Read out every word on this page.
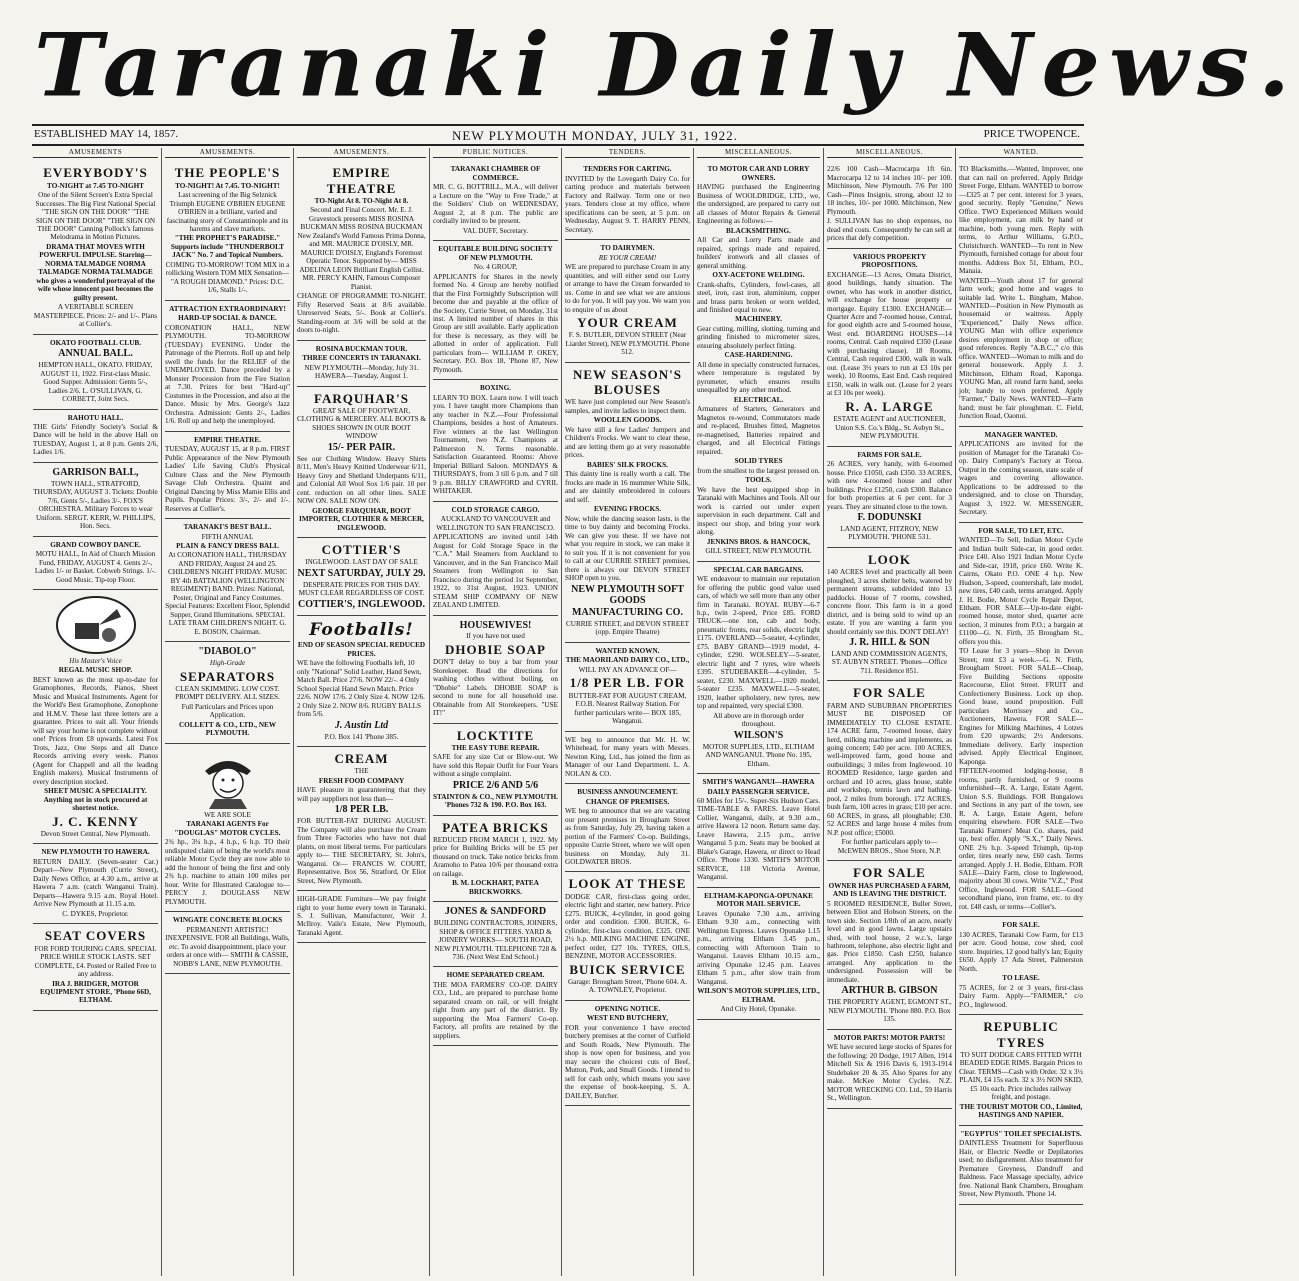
Taranaki Daily News.
ESTABLISHED MAY 14, 1857.	NEW PLYMOUTH MONDAY, JULY 31, 1922.	PRICE TWOPENCE.
AMUSEMENTS

EVERYBODY'S

TO-NIGHT at 7.45 TO-NIGHT

One of the Silent Screen's Extra Special Successes. The Big First National Special "THE SIGN ON THE DOOR" "THE SIGN ON THE DOOR" "THE SIGN ON THE DOOR" Canning Pollock's famous Melodrama in Motion Pictures.

DRAMA THAT MOVES WITH POWERFUL IMPULSE. Starring— NORMA TALMADGE NORMA TALMADGE NORMA TALMADGE who gives a wonderful portrayal of the wife whose innocent past becomes the guilty present.

A VERITABLE SCREEN MASTERPIECE. Prices: 2/- and 1/-. Plans at Collier's.

OKATO FOOTBALL CLUB.

ANNUAL BALL.

HEMPTON HALL, OKATO. FRIDAY, AUGUST 11, 1922. First-class Music. Good Supper. Admission: Gents 5/-, Ladies 2/6. L. O'SULLIVAN, G. CORBETT, Joint Secs.

RAHOTU HALL.

THE Girls' Friendly Society's Social & Dance will be held in the above Hall on TUESDAY, August 1, at 8 p.m. Gents 2/6, Ladies 1/6.

GARRISON BALL,

TOWN HALL, STRATFORD, THURSDAY, AUGUST 3. Tickets: Double 7/6, Gents 5/-, Ladies 3/-. FOX'S ORCHESTRA. Military Forces to wear Uniform. SERGT. KERR, W. PHILLIPS, Hon. Secs.

GRAND COWBOY DANCE.

MOTU HALL, In Aid of Church Mission Fund, FRIDAY, AUGUST 4. Gents 2/-, Ladies 1/- or Basket. Cobweb Strings. 1/-. Good Music. Tip-top Floor.

His Master's Voice

REGAL MUSIC SHOP.

BEST known as the most up-to-date for Gramophones, Records, Pianos, Sheet Music and Musical Instruments. Agent for the World's Best Gramophone, Zonophone and H.M.V. These last three letters are a guarantee. Prices to suit all. Your friends will say your home is not complete without one! Prices from £8 upwards. Latest Fox Trots, Jazz, One Steps and all Dance Records arriving every week. Pianos (Agent for Chappell and all the leading English makers). Musical Instruments of every description stocked.

SHEET MUSIC A SPECIALITY. Anything not in stock procured at shortest notice.

J. C. KENNY

Devon Street Central, New Plymouth.

NEW PLYMOUTH TO HAWERA.

RETURN DAILY. (Seven-seater Car.) Depart—New Plymouth (Currie Street), Daily News Office, at 4.30 a.m., arrive at Hawera 7 a.m. (catch Wanganui Train). Departs—Hawera 9.15 a.m. Royal Hotel. Arrive New Plymouth at 11.15 a.m.

C. DYKES, Proprietor.

SEAT COVERS

FOR FORD TOURING CARS. SPECIAL PRICE WHILE STOCK LASTS. SET COMPLETE, £4. Posted or Railed Free to any address.

IRA J. BRIDGER, MOTOR EQUIPMENT STORE, 'Phone 66D, ELTHAM.

AMUSEMENTS.

THE PEOPLE'S

TO-NIGHT! At 7.45. TO-NIGHT!

Last screening of the Big Selznick Triumph EUGENE O'BRIEN EUGENE O'BRIEN in a brilliant, varied and fascinating story of Constantinople and its harems and slave markets.

"THE PROPHET'S PARADISE." Supports include "THUNDERBOLT JACK" No. 7 and Topical Numbers.

COMING TO-MORROW! TOM MIX in a rollicking Western TOM MIX Sensation— "A ROUGH DIAMOND." Prices: D.C. 1/6, Stalls 1/-.

ATTRACTION EXTRAORDINARY!

HARD-UP SOCIAL & DANCE.

CORONATION HALL, NEW PLYMOUTH. TO-MORROW (TUESDAY) EVENING. Under the Patronage of the Pierrots. Roll up and help swell the funds for the RELIEF of the UNEMPLOYED. Dance preceded by a Monster Procession from the Fire Station at 7.30. Prizes for best "Hard-up" Costumes in the Procession, and also at the Dance. Music by Mrs. George's Jazz Orchestra. Admission: Gents 2/-, Ladies 1/6. Roll up and help the unemployed.

EMPIRE THEATRE.

TUESDAY, AUGUST 15, at 8 p.m. FIRST Public Appearance of the New Plymouth Ladies' Life Saving Club's Physical Culture Class and the New Plymouth Savage Club Orchestra. Quaint and Original Dancing by Miss Mamie Ellis and Pupils. Popular Prices: 3/-, 2/- and 1/-. Reserves at Collier's.

TARANAKI'S BEST BALL.

FIFTH ANNUAL

PLAIN & FANCY DRESS BALL

At CORONATION HALL, THURSDAY AND FRIDAY, August 24 and 25. CHILDREN'S NIGHT FRIDAY. MUSIC BY 4th BATTALION (WELLINGTON REGIMENT) BAND. Prizes: National, Poster, Original and Fancy Costumes. Special Features: Excellent Floor, Splendid Supper, Grand Illuminations. SPECIAL LATE TRAM CHILDREN'S NIGHT. G. E. BOSON, Chairman.

"DIABOLO"

High-Grade

SEPARATORS

CLEAN SKIMMING. LOW COST. PROMPT DELIVERY. ALL SIZES.

Full Particulars and Prices upon Application.

COLLETT & CO., LTD., NEW PLYMOUTH.

WE ARE SOLE

TARANAKI AGENTS For "DOUGLAS" MOTOR CYCLES.

2¾ hp., 3¼ h.p., 4 h.p., 6 h.p. TO their undisputed claim of being the world's most reliable Motor Cycle they are now able to add the honour of being the first and only 2¾ h.p. machine to attain 100 miles per hour. Write for Illustrated Catalogue to— PERCY J. DOUGLASS NEW PLYMOUTH.

WINGATE CONCRETE BLOCKS

PERMANENT! ARTISTIC! INEXPENSIVE. FOR all Buildings, Walls, etc. To avoid disappointment, place your orders at once with— SMITH & CASSIE, NOBB'S LANE, NEW PLYMOUTH.

AMUSEMENTS.

EMPIRE THEATRE

TO-Night At 8. TO-Night At 8.

Second and Final Concert. Mr. E. J. Gravestock presents MISS ROSINA BUCKMAN MISS ROSINA BUCKMAN New Zealand's World Famous Prima Donna, and MR. MAURICE D'OISLY, MR. MAURICE D'OISLY, England's Foremost Operatic Tenor. Supported by— MISS ADELINA LEON Brilliant English Cellist. MR. PERCY KAHN, Famous Composer Pianist.

CHANGE OF PROGRAMME TO-NIGHT. Fifty Reserved Seats at 8/6 available. Unreserved Seats, 5/-. Book at Collier's. Standing-room at 3/6 will be sold at the doors to-night.

ROSINA BUCKMAN TOUR.

THREE CONCERTS IN TARANAKI.

NEW PLYMOUTH—Monday, July 31. HAWERA—Tuesday, August 1.

FARQUHAR'S

GREAT SALE OF FOOTWEAR, CLOTHING & MERCERY. ALL BOOTS & SHOES SHOWN IN OUR BOOT WINDOW

15/- PER PAIR.

See our Clothing Window. Heavy Shirts 8/11, Men's Heavy Knitted Underwear 6/11, Heavy Grey and Shetland Underpants 6/11, and Colonial All Wool Sox 1/6 pair. 10 per cent. reduction on all other lines. SALE NOW ON. SALE NOW ON.

GEORGE FARQUHAR, BOOT IMPORTER, CLOTHIER & MERCER, INGLEWOOD.

COTTIER'S

INGLEWOOD. LAST DAY OF SALE

NEXT SATURDAY, JULY 29.

DESPERATE PRICES FOR THIS DAY. MUST CLEAR REGARDLESS OF COST.

COTTIER'S, INGLEWOOD.

Footballs!

END OF SEASON SPECIAL REDUCED PRICES.

WE have the following Footballs left, 10 only "National" Solid Leather, Hand Sewn, Match Ball. Price 27/6. NOW 22/-. 4 Only School Special Hand Sewn Match. Price 22/6. NOW 17/6. 2 Only Size 4. NOW 12/6. 2 Only Size 2. NOW 8/6. RUGBY BALLS from 5/6.

J. Austin Ltd

P.O. Box 141 'Phone 385.

CREAM

THE

FRESH FOOD COMPANY

HAVE pleasure in guaranteeing that they will pay suppliers not less than—

1/8 PER LB.

FOR BUTTER-FAT DURING AUGUST. The Company will also purchase the Cream from Three Factories who have not dual plants, on most liberal terms. For particulars apply to— THE SECRETARY, St. John's, Wanganui. Or— FRANCIS W. COURT, Representative. Box 56, Stratford, Or Eliot Street, New Plymouth.

HIGH-GRADE Furniture—We pay freight right to your home every town in Taranaki. S. J. Sullivan, Manufacturer, Weir J. McIlroy. Vaile's Estate, New Plymouth, Taranaki Agent.

PUBLIC NOTICES.

TARANAKI CHAMBER OF COMMERCE.

MR. C. G. BOTTRILL, M.A., will deliver a Lecture on the "Way to Free Trade," at the Soldiers' Club on WEDNESDAY, August 2, at 8 p.m. The public are cordially invited to be present.

VAL DUFF, Secretary.

EQUITABLE BUILDING SOCIETY OF NEW PLYMOUTH.

No. 4 GROUP,

APPLICANTS for Shares in the newly formed No. 4 Group are hereby notified that the First Fortnightly Subscription will become due and payable at the office of the Society, Currie Street, on Monday, 31st inst. A limited number of shares in this Group are still available. Early application for these is necessary, as they will be allotted in order of application. Full particulars from— WILLIAM P. OKEY, Secretary. P.O. Box 18, 'Phone 87, New Plymouth.

BOXING.

LEARN TO BOX. Learn now. I will teach you. I have taught more Champions than any teacher in N.Z.—Four Professional Champions, besides a host of Amateurs. Five winners at the last Wellington Tournament, two N.Z. Champions at Palmerston N. Terms reasonable. Satisfaction Guaranteed. Rooms: Above Imperial Billiard Saloon. MONDAYS & THURSDAYS, from 3 till 6 p.m. and 7 till 9 p.m. BILLY CRAWFORD and CYRIL WHITAKER.

COLD STORAGE CARGO.

AUCKLAND TO VANCOUVER and WELLINGTON TO SAN FRANCISCO.

APPLICATIONS are invited until 14th August for Cold Storage Space in the "C.A." Mail Steamers from Auckland to Vancouver, and in the San Francisco Mail Steamers from Wellington to San Francisco during the period 1st September, 1922, to 31st August, 1923. UNION STEAM SHIP COMPANY OF NEW ZEALAND LIMITED.

HOUSEWIVES!

If you have not used

DHOBIE SOAP

DON'T delay to buy a bar from your Storekeeper. Read the directions for washing clothes without boiling, on "Dhobie" Labels. DHOBIE SOAP is second to none for all household use. Obtainable from All Storekeepers. "USE IT!"

LOCKTITE

THE EASY TUBE REPAIR.

SAFE for any size Cut or Blow-out. We have sold this Repair Outfit for Four Years without a single complaint.

PRICE 2/6 AND 5/6

STAINTON & CO., NEW PLYMOUTH. 'Phones 732 & 190. P.O. Box 163.

PATEA BRICKS

REDUCED FROM MARCH 1, 1922. My price for Building Bricks will be £5 per thousand on truck. Take notice bricks from Aramoho to Patea 10/6 per thousand extra on railage.

B. M. LOCKHART, PATEA BRICKWORKS.

JONES & SANDFORD

BUILDING CONTRACTORS, JOINERS, SHOP & OFFICE FITTERS. YARD & JOINERY WORKS— SOUTH ROAD, NEW PLYMOUTH. TELEPHONE 728 & 736. (Next West End School.)

HOME SEPARATED CREAM.

THE MOA FARMERS' CO-OP. DAIRY CO., Ltd., are prepared to purchase home separated cream on rail, or will freight right from any part of the district. By supporting the Moa Farmers' Co-op. Factory, all profits are retained by the suppliers.

TENDERS.

TENDERS FOR CARTING.

INVITED by the Lovegarth Dairy Co. for carting produce and materials between Factory and Railway. Term one or two years. Tenders close at my office, where specifications can be seen, at 5 p.m. on Wednesday, August 9. T. HARRY PENN, Secretary.

TO DAIRYMEN.

RE YOUR CREAM!

WE are prepared to purchase Cream in any quantities, and will either send our Lorry or arrange to have the Cream forwarded to us. Come in and see what we are anxious to do for you. It will pay you. We want you to enquire of us about

YOUR CREAM

F. S. BUTLER, DEVON STREET (Near Liardet Street), NEW PLYMOUTH. Phone 512.

NEW SEASON'S BLOUSES

WE have just completed our New Season's samples, and invite ladies to inspect them.

WOOLLEN GOODS.

We have still a few Ladies' Jumpers and Children's Frocks. We want to clear these, and are letting them go at very reasonable prices.

BABIES' SILK FROCKS.

This dainty line is really worth a call. The frocks are made in 16 mummer White Silk, and are daintily embroidered in colours and self.

EVENING FROCKS.

Now, while the dancing season lasts, is the time to buy dainty and becoming Frocks. We can give you these. If we have not what you require in stock, we can make it to suit you. If it is not convenient for you to call at our CURRIE STREET premises, there is always our DEVON STREET SHOP open to you.

NEW PLYMOUTH SOFT GOODS MANUFACTURING CO.

CURRIE STREET, and DEVON STREET (opp. Empire Theatre)

WANTED KNOWN.

THE MAORILAND DAIRY CO., LTD.,

WILL PAY AN ADVANCE OF—

1/8 PER LB. FOR

BUTTER-FAT FOR AUGUST CREAM, F.O.B. Nearest Railway Station. For further particulars write— BOX 185, Wanganui.

WE beg to announce that Mr. H. W. Whitehead, for many years with Messrs. Newton King, Ltd., has joined the firm as Manager of our Land Department. L. A. NOLAN & CO.

BUSINESS ANNOUNCEMENT.

CHANGE OF PREMISES.

WE beg to announce that we are vacating our present premises in Brougham Street as from Saturday, July 29, having taken a portion of the Farmers' Co-op. Buildings, opposite Currie Street, where we will open business on Monday, July 31. GOLDWATER BROS.

LOOK AT THESE

DODGE CAR, first-class going order, electric light and starter, new battery. Price £275. BUICK, 4-cylinder, in good going order and condition. £300. BUICK, 6-cylinder, first-class condition, £325. ONE 2½ h.p. MILKING MACHINE ENGINE, perfect order, £27 10s. TYRES, OILS, BENZINE, MOTOR ACCESSORIES.

BUICK SERVICE

Garage: Brougham Street, 'Phone 604. A. A. TOWNLEY, Proprietor.

OPENING NOTICE.

WEST END BUTCHERY,

FOR your convenience I have erected butchery premises at the corner of Cutfield and South Roads, New Plymouth. The shop is now open for business, and you may secure the choicest cuts of Beef, Mutton, Pork, and Small Goods. I intend to sell for cash only, which means you save the expense of book-keeping. S. A. DAILEY, Butcher.

MISCELLANEOUS.

TO MOTOR CAR AND LORRY OWNERS.

HAVING purchased the Engineering Business of WOOLDRIDGE, LTD., we, the undersigned, are prepared to carry out all classes of Motor Repairs & General Engineering as follows:—

BLACKSMITHING.

All Car and Lorry Parts made and repaired, springs made and repaired, builders' ironwork and all classes of general smithing.

OXY-ACETONE WELDING.

Crank-shafts, Cylinders, fowl-cases, all steel, iron, cast iron, aluminium, copper and brass parts broken or worn welded, and finished equal to new.

MACHINERY.

Gear cutting, milling, slotting, turning and grinding finished to micrometer sizes, ensuring absolutely perfect fitting.

CASE-HARDENING.

All done in specially constructed furnaces, where temperature is regulated by pyrometer, which ensures results unequalled by any other method.

ELECTRICAL.

Armatures of Starters, Generators and Magnetos re-wound, Commutators made and re-placed, Brushes fitted, Magnetos re-magnetised, Batteries repaired and charged, and all Electrical Fittings repaired.

SOLID TYRES

from the smallest to the largest pressed on.

TOOLS.

We have the best equipped shop in Taranaki with Machines and Tools. All our work is carried out under expert supervision in each department. Call and inspect our shop, and bring your work along.

JENKINS BROS. & HANCOCK,

GILL STREET, NEW PLYMOUTH.

SPECIAL CAR BARGAINS.

WE endeavour to maintain our reputation for offering the public good value used cars, of which we sell more than any other firm in Taranaki. ROYAL RUBY—6-7 h.p., twin 2-speed, Price £85. FORD TRUCK—one ton, cab and body, pneumatic fronts, rear solids, electric light £175. OVERLAND—5-seater, 4-cylinder, £75. BABY GRAND—1919 model, 4-cylinder, £290. WOLSELEY—5-seater, electric light and 7 tyres, wire wheels £395. STUDEBAKER—4-cylinder, 5-seater, £230. MAXWELL—1920 model, 5-seater £235. MAXWELL—5-seater, 1920, leather upholstery, new tyres, new top and repainted, very special £300.

All above are in thorough order throughout.

WILSON'S

MOTOR SUPPLIES, LTD., ELTHAM AND WANGANUI. 'Phone No. 195, Eltham.

SMITH'S WANGANUI—HAWERA

DAILY PASSENGER SERVICE.

60 Miles for 15/-. Super-Six Hudson Cars. TIME-TABLE & FARES. Leave Hotel Collier, Wanganui, daily, at 9.30 a.m., arrive Hawera 12 noon. Return same day. Leave Hawera, 2.15 p.m., arrive Wanganui 5 p.m. Seats may be booked at Blake's Garage, Hawera, or direct to Head Office. 'Phone 1330. SMITH'S MOTOR SERVICE, 118 Victoria Avenue, Wanganui.

ELTHAM-KAPONGA-OPUNAKE MOTOR MAIL SERVICE.

Leaves Opunake 7.30 a.m., arriving Eltham 9.30 a.m., connecting with Wellington Express. Leaves Opunake 1.15 p.m., arriving Eltham 3.45 p.m., connecting with Afternoon Train to Wanganui. Leaves Eltham 10.15 a.m., arriving Opunake 12.45 p.m. Leaves Eltham 5 p.m., after slow train from Wanganui.

WILSON'S MOTOR SUPPLIES, LTD., ELTHAM.

And City Hotel, Opunake.

MISCELLANEOUS.

22/6 100 Cash—Macrocarpa 1ft 6in. Macrocarpa 12 to 14 inches 10/- per 100. Mitchinson, New Plymouth. 7/6 Per 100 Cash—Pinus Insignis, strong, about 12 to 18 inches, 10/- per 1000. Mitchinson, New Plymouth.

J. SULLIVAN has no shop expenses, no dead end costs. Consequently he can sell at prices that defy competition.

VARIOUS PROPERTY PROPOSITIONS.

EXCHANGE—13 Acres, Omata District, good buildings, handy situation. The owner, who has work in another district, will exchange for house property or mortgage. Equity £1300. EXCHANGE—Quarter Acre and 7-roomed house, Central, for good eighth acre and 5-roomed house, West end. BOARDING HOUSES—14 rooms, Central. Cash required £350 (Lease with purchasing clause). 18 Rooms, Central, Cash required £300, walk in walk out. (Lease 3½ years to run at £3 10s per week). 10 Rooms, East End. Cash required £150, walk in walk out. (Lease for 2 years at £3 10s per week).

R. A. LARGE

ESTATE AGENT and AUCTIONEER, Union S.S. Co.'s Bldg., St. Aubyn St., NEW PLYMOUTH.

FARMS FOR SALE.

26 ACRES, very handy, with 6-roomed house. Price £1050, cash £350. 33 ACRES, with new 4-roomed house and other buildings. Price £1250, cash £300. Balance for both properties at 6 per cent. for 3 years. They are situated close to the town.

F. DODUNSKI

LAND AGENT, FITZROY, NEW PLYMOUTH. 'PHONE 531.

LOOK

140 ACRES level and practically all been ploughed, 3 acres shelter belts, watered by permanent streams, subdivided into 13 paddocks. House of 7 rooms, cowshed, concrete floor. This farm is in a good district, and is being sold to wind up an estate. If you are wanting a farm you should certainly see this. DON'T DELAY!

J. R. HILL & SON

LAND AND COMMISSION AGENTS, ST. AUBYN STREET. 'Phones—Office 711. Residence 851.

FOR SALE

FARM AND SUBURBAN PROPERTIES MUST BE DISPOSED OF IMMEDIATELY TO CLOSE ESTATE. 174 ACRE farm, 7-roomed house, dairy herd, milking machine and implements, as going concern; £40 per acre. 100 ACRES, well-improved farm, good house and outbuildings; 3 miles from Inglewood. 10 ROOMED Residence, large garden and orchard and 10 acres, glass house, stable and workshop, tennis lawn and bathing-pool, 2 miles from borough. 172 ACRES, bush farm, 100 acres in grass; £10 per acre. 60 ACRES, in grass, all ploughable; £30. 52 ACRES and large house 4 miles from N.P. post office; £5000.

For further particulars apply to— McEWEN BROS., Shoe Store, N.P.

FOR SALE

OWNER HAS PURCHASED A FARM, AND IS LEAVING THE DISTRICT.

5 ROOMED RESIDENCE, Buller Street, between Eliot and Hobson Streets, on the town side. Section 1/8th of an acre, nearly level and in good lawns. Large upstairs shed, with tool house, 2 w.c.'s, large bathroom, telephone, also electric light and gas. Price £1850. Cash £250, balance arranged. Any application to the undersigned. Possession will be immediate.

ARTHUR B. GIBSON

THE PROPERTY AGENT, EGMONT ST., NEW PLYMOUTH. 'Phone 880. P.O. Box 135.

MOTOR PARTS! MOTOR PARTS!

WE have secured large stocks of Spares for the following: 20 Dodge, 1917 Allen, 1914 Mitchell Six & 1916 Davis 6, 1913-1914 Studebaker 20 & 35. Also Spares for any make. McKee Motor Cycles. N.Z. MOTOR WRECKING CO. Ltd., 59 Harris St., Wellington.

WANTED.

TO Blacksmiths.—Wanted, Improver, one that can nail on preferred. Apply Bridge Street Forge, Eltham. WANTED to borrow—£325 at 7 per cent. interest for 3 years, good security. Reply "Genuine," News Office. TWO Experienced Milkers would like employment, can milk by hand or machine, both young men. Reply with terms, to Arthur Williams, G.P.O., Christchurch. WANTED—To rent in New Plymouth, furnished cottage for about four months. Address Box 51, Eltham, P.O., Manaia.

WANTED—Youth about 17 for general farm work; good home and wages to suitable lad. Write L. Bingham, Mahoe. WANTED—Position in New Plymouth as housemaid or waitress. Apply "Experienced," Daily News office. YOUNG Man with office experience desires employment in shop or office; good references. Reply "A.B.C.," c/o this office. WANTED—Woman to milk and do general housework. Apply J. J. Mitchinson, Eltham Road, Kaponga. YOUNG Man, all round farm hand, seeks job; handy to town preferred. Apply "Farmer," Daily News. WANTED—Farm hand; must be fair ploughman. C. Field, Junction Road, Oaonui.

MANAGER WANTED.

APPLICATIONS are invited for the position of Manager for the Taranaki Co-op. Dairy Company's Factory at Toroa. Output in the coming season, state scale of wages and covering allowance. Applications to be addressed to the undersigned, and to close on Thursday, August 3, 1922. W. MESSENGER, Secretary.

FOR SALE, TO LET, ETC.

WANTED—To Sell, Indian Motor Cycle and Indian built Side-car, in good order. Price £40. Also 1921 Indian Motor Cycle and Side-car, 1918, price £60. Write K. Cairns, Okato P.O. ONE 4 h.p. New Hudson, 3-speed, countershaft, late model, new tires, £40 cash, terms arranged. Apply J. H. Bodie, Motor Cycle Repair Depot, Eltham. FOR SALE—Up-to-date eight-roomed house, motor shed, quarter acre section, 3 minutes from P.O.; a bargain at £1100—G. N. Firth, 35 Brougham St., offers you this.

TO Lease for 3 years—Shop in Devon Street; rent £3 a week.—G. N. Firth, Brougham Street. FOR SALE—Cheap, Five Building Sections opposite Racecourse, Eliot Street. FRUIT and Confectionery Business. Lock up shop. Good lease, sound proposition. Full particulars Morrissey and Co., Auctioneers, Hawera. FOR SALE—Engines for Milking Machines, 4 Lotzes from £20 upwards; 2½ Andersons. Immediate delivery. Early inspection advised. Apply Electrical Engineer, Kaponga.

FIFTEEN-roomed lodging-house, 8 rooms, partly furnished, or 9 rooms unfurnished—R. A. Large, Estate Agent, Union S.S. Buildings. FOR Bungalows and Sections in any part of the town, see R. A. Large, Estate Agent, before enquiring elsewhere. FOR SALE—Two Taranaki Farmers' Meat Co. shares, paid up, best offer. Apply "S.X.," Daily News. ONE 2¾ h.p. 3-speed Triumph, tip-top order, tires nearly new, £60 cash. Terms arranged. Apply J. H. Bodie, Eltham. FOR SALE—Dairy Farm, close to Inglewood, majority about 30 cows. Write "V.Z.," Post Office, Inglewood. FOR SALE—Good secondhand piano, iron frame, etc. to dry rot. £48 cash, or terms—Collier's.

FOR SALE.

130 ACRES, Taranaki Cow Farm, for £13 per acre. Good house, cow shed, cool store. Inquiries, 12 good bally's lan; Equity £650. Apply 17 Ada Street, Palmerston North.

TO LEASE.

75 ACRES, for 2 or 3 years, first-class Dairy Farm. Apply—"FARMER," c/o P.O., Inglewood.

REPUBLIC TYRES

TO SUIT DODGE CARS FITTED WITH BEADED EDGE RIMS. Bargain Prices to Clear. TERMS—Cash with Order. 32 x 3½ PLAIN, £4 15s each. 32 x 3½ NON SKID, £5 10s each. Price includes railway freight, and postage.

THE TOURIST MOTOR CO., Limited, HASTINGS AND NAPIER.

"EGYPTUS" TOILET SPECIALISTS.

DAINTLESS Treatment for Superfluous Hair, or Electric Needle or Depilatories used; no disfigurement. Also treatment for Premature Greyness, Dandruff and Baldness. Face Massage specialty, advice free. National Bank Chambers, Brougham Street, New Plymouth. 'Phone 14.
